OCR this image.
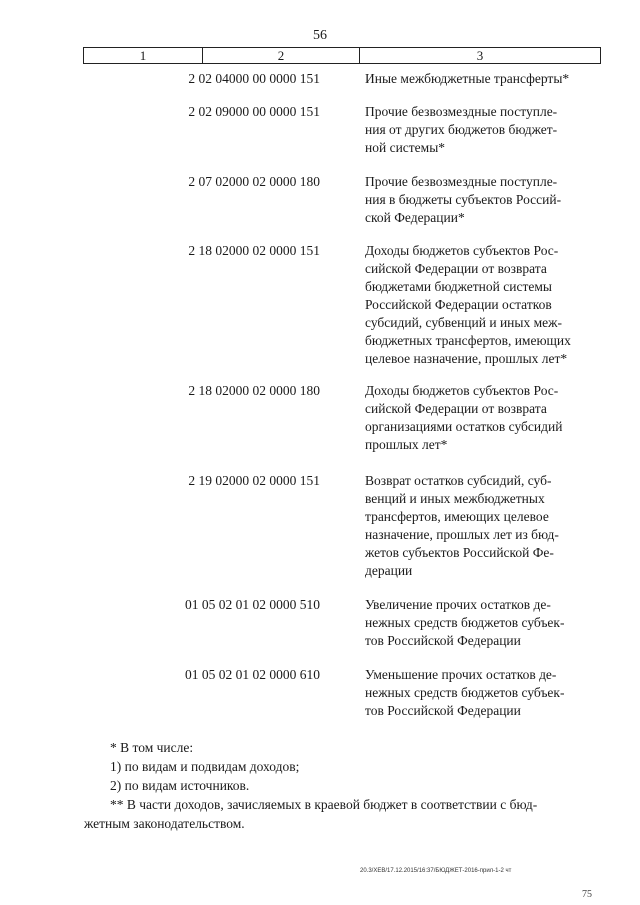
56
1	2	3
2 02 04000 00 0000 151	Иные межбюджетные трансферты*
2 02 09000 00 0000 151	Прочие безвозмездные поступле-
ния от других бюджетов бюджет-
ной системы*
2 07 02000 02 0000 180	Прочие безвозмездные поступле-
ния в бюджеты субъектов Россий-
ской Федерации*
2 18 02000 02 0000 151	Доходы бюджетов субъектов Рос-
сийской Федерации от возврата
бюджетами бюджетной системы
Российской Федерации остатков
субсидий, субвенций и иных меж-
бюджетных трансфертов, имеющих
целевое назначение, прошлых лет*
2 18 02000 02 0000 180	Доходы бюджетов субъектов Рос-
сийской Федерации от возврата
организациями остатков субсидий
прошлых лет*
2 19 02000 02 0000 151	Возврат остатков субсидий, суб-
венций и иных межбюджетных
трансфертов, имеющих целевое
назначение, прошлых лет из бюд-
жетов субъектов Российской Фе-
дерации
01 05 02 01 02 0000 510	Увеличение прочих остатков де-
нежных средств бюджетов субъек-
тов Российской Федерации
01 05 02 01 02 0000 610	Уменьшение прочих остатков де-
нежных средств бюджетов субъек-
тов Российской Федерации
* В том числе:
1) по видам и подвидам доходов;
2) по видам источников.
** В части доходов, зачисляемых в краевой бюджет в соответствии с бюд-
жетным законодательством.
20.3/ХЕВ/17.12.2015/16:37/БЮДЖЕТ-2016-прил-1-2 чт
75
